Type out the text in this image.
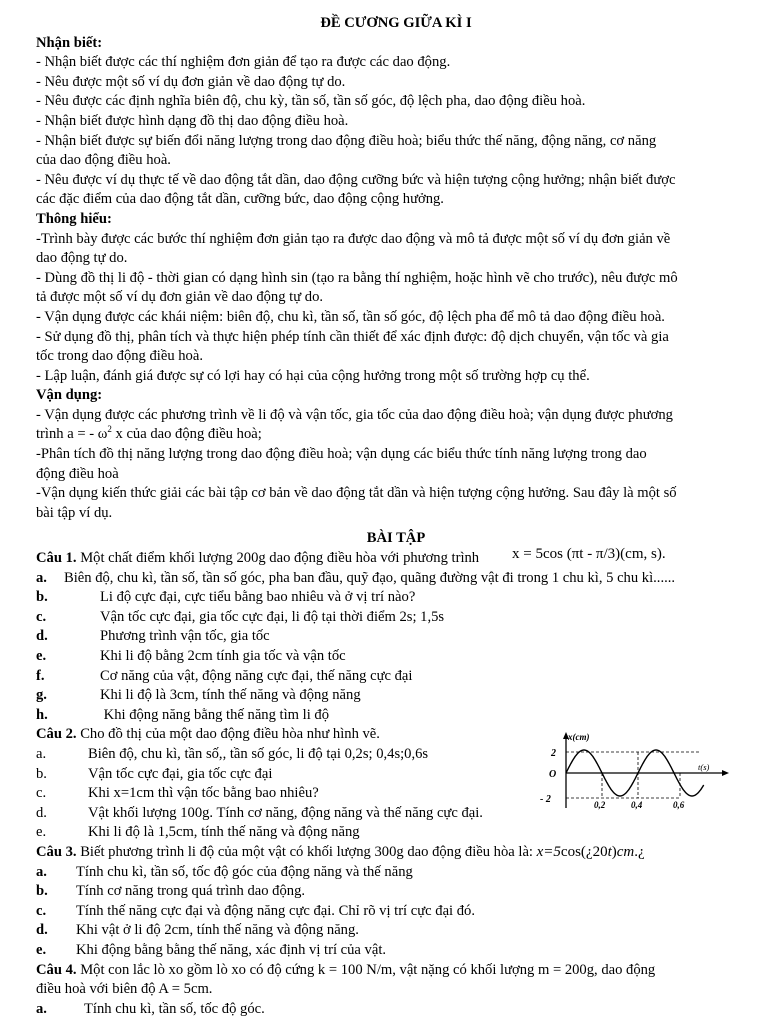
ĐỀ CƯƠNG GIỮA KÌ I
Nhận biết:
- Nhận biết được các thí nghiệm đơn giản để tạo ra được các dao động.
- Nêu được một số ví dụ đơn giản về dao động tự do.
- Nêu được các định nghĩa biên độ, chu kỳ, tần số, tần số góc, độ lệch pha, dao động điều hoà.
- Nhận biết được hình dạng đồ thị dao động điều hoà.
- Nhận biết được sự biến đổi năng lượng trong dao động điều hoà; biểu thức thế năng, động năng, cơ năng
của dao động điều hoà.
- Nêu được ví dụ thực tế về dao động tắt dần, dao động cưỡng bức và hiện tượng cộng hưởng; nhận biết được
các đặc điểm của dao động tắt dần, cưỡng bức, dao động cộng hưởng.
Thông hiểu:
-Trình bày được các bước thí nghiệm đơn giản tạo ra được dao động và mô tả được một số ví dụ đơn giản về
dao động tự do.
- Dùng đồ thị li độ - thời gian có dạng hình sin (tạo ra bằng thí nghiệm, hoặc hình vẽ cho trước), nêu được mô
tả được một số ví dụ đơn giản về dao động tự do.
- Vận dụng được các khái niệm: biên độ, chu kì, tần số, tần số góc, độ lệch pha để mô tả dao động điều hoà.
- Sử dụng đồ thị, phân tích và thực hiện phép tính cần thiết để xác định được: độ dịch chuyển, vận tốc và gia
tốc trong dao động điều hoà.
- Lập luận, đánh giá được sự có lợi hay có hại của cộng hưởng trong một số trường hợp cụ thể.
Vận dụng:
- Vận dụng được các phương trình về li độ và vận tốc, gia tốc của dao động điều hoà; vận dụng được phương
trình a = - $\omega^2$ x của dao động điều hoà;
-Phân tích đồ thị năng lượng trong dao động điều hoà; vận dụng các biểu thức tính năng lượng trong dao
động điều hoà
-Vận dụng kiến thức giải các bài tập cơ bản về dao động tắt dần và hiện tượng cộng hưởng. Sau đây là một số
bài tập ví dụ.
BÀI TẬP
Câu 1. Một chất điểm khối lượng 200g dao động điều hòa với phương trình x = 5cos (πt - π/3)(cm, s).
a. Biên độ, chu kì, tần số, tần số góc, pha ban đầu, quỹ đạo, quãng đường vật đi trong 1 chu kì, 5 chu kì......
b.	Li độ cực đại, cực tiểu bằng bao nhiêu và ở vị trí nào?
c.	Vận tốc cực đại, gia tốc cực đại, li độ tại thời điểm 2s; 1,5s
d.	Phương trình vận tốc, gia tốc
e.	Khi li độ bằng 2cm tính gia tốc và vận tốc
f.	Cơ năng của vật, động năng cực đại, thế năng cực đại
g.	Khi li độ là 3cm, tính thế năng và động năng
h.	Khi động năng bằng thế năng tìm li độ
Câu 2. Cho đồ thị của một dao động điều hòa như hình vẽ.
a.	Biên độ, chu kì, tần số,, tần số góc, li độ tại 0,2s; 0,4s;0,6s
b.	Vận tốc cực đại, gia tốc cực đại
c.	Khi x=1cm thì vận tốc bằng bao nhiêu?
d.	Vật khối lượng 100g. Tính cơ năng, động năng và thế năng cực đại.
e.	Khi li độ là 1,5cm, tính thế năng và động năng
Câu 3. Biết phương trình li độ của một vật có khối lượng 300g dao động điều hòa là: x=5cos(¿20t)cm.¿
a. Tính chu kì, tần số, tốc độ góc của động năng và thế năng
b. Tính cơ năng trong quá trình dao động.
c. Tính thế năng cực đại và động năng cực đại. Chỉ rõ vị trí cực đại đó.
d. Khi vật ở li độ 2cm, tính thế năng và động năng.
e. Khi động bằng bằng thế năng, xác định vị trí của vật.
Câu 4. Một con lắc lò xo gồm lò xo có độ cứng k = 100 N/m, vật nặng có khối lượng m = 200g, dao động
điều hoà với biên độ A = 5cm.
a.	Tính chu kì, tần số, tốc độ góc.
x(cm)
t(s)
2
O
- 2	0,2	0,4	0,6
